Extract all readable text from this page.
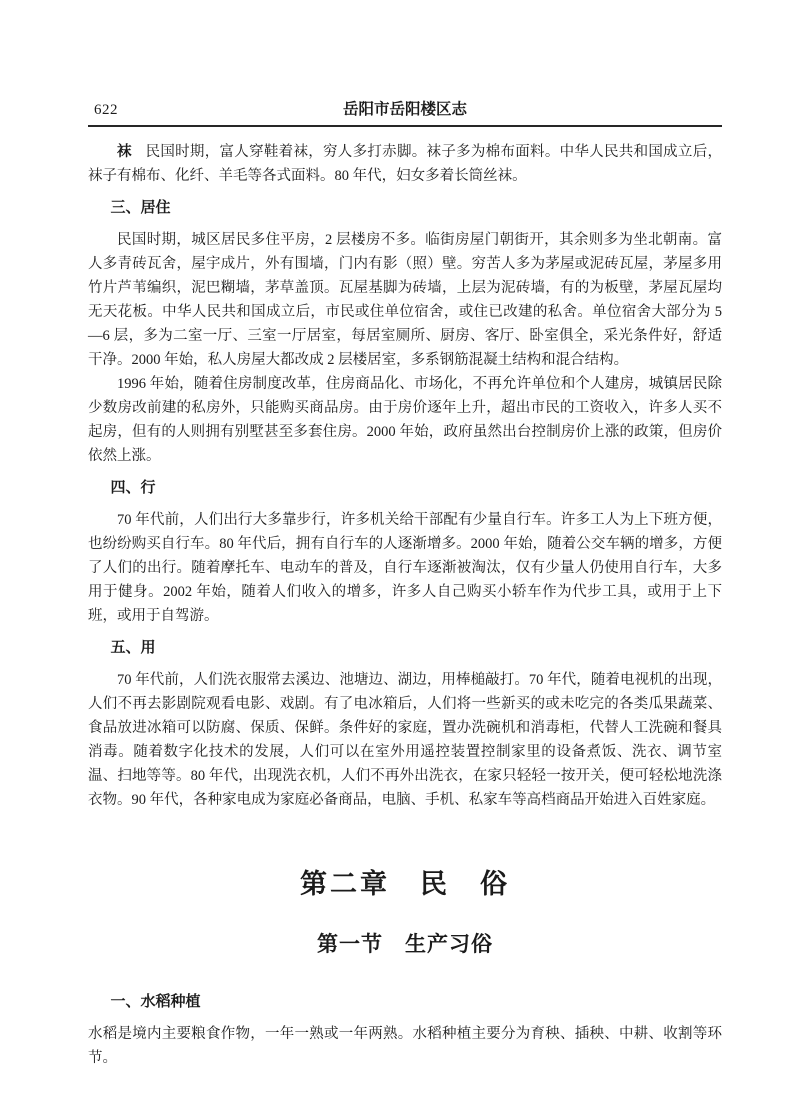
622	岳阳市岳阳楼区志

袜 民国时期，富人穿鞋着袜，穷人多打赤脚。袜子多为棉布面料。中华人民共和国成立后，袜子有棉布、化纤、羊毛等各式面料。80 年代，妇女多着长筒丝袜。

三、居住

民国时期，城区居民多住平房，2 层楼房不多。临街房屋门朝街开，其余则多为坐北朝南。富人多青砖瓦舍，屋宇成片，外有围墙，门内有影（照）壁。穷苦人多为茅屋或泥砖瓦屋，茅屋多用竹片芦苇编织，泥巴糊墙，茅草盖顶。瓦屋基脚为砖墙，上层为泥砖墙，有的为板壁，茅屋瓦屋均无天花板。中华人民共和国成立后，市民或住单位宿舍，或住已改建的私舍。单位宿舍大部分为 5—6 层，多为二室一厅、三室一厅居室，每居室厕所、厨房、客厅、卧室俱全，采光条件好，舒适干净。2000 年始，私人房屋大都改成 2 层楼居室，多系钢筋混凝土结构和混合结构。

1996 年始，随着住房制度改革，住房商品化、市场化，不再允许单位和个人建房，城镇居民除少数房改前建的私房外，只能购买商品房。由于房价逐年上升，超出市民的工资收入，许多人买不起房，但有的人则拥有别墅甚至多套住房。2000 年始，政府虽然出台控制房价上涨的政策，但房价依然上涨。

四、行

70 年代前，人们出行大多靠步行，许多机关给干部配有少量自行车。许多工人为上下班方便，也纷纷购买自行车。80 年代后，拥有自行车的人逐渐增多。2000 年始，随着公交车辆的增多，方便了人们的出行。随着摩托车、电动车的普及，自行车逐渐被淘汰，仅有少量人仍使用自行车，大多用于健身。2002 年始，随着人们收入的增多，许多人自己购买小轿车作为代步工具，或用于上下班，或用于自驾游。

五、用

70 年代前，人们洗衣服常去溪边、池塘边、湖边，用棒槌敲打。70 年代，随着电视机的出现，人们不再去影剧院观看电影、戏剧。有了电冰箱后，人们将一些新买的或未吃完的各类瓜果蔬菜、食品放进冰箱可以防腐、保质、保鲜。条件好的家庭，置办洗碗机和消毒柜，代替人工洗碗和餐具消毒。随着数字化技术的发展，人们可以在室外用遥控装置控制家里的设备煮饭、洗衣、调节室温、扫地等等。80 年代，出现洗衣机，人们不再外出洗衣，在家只轻轻一按开关，便可轻松地洗涤衣物。90 年代，各种家电成为家庭必备商品，电脑、手机、私家车等高档商品开始进入百姓家庭。

第二章　民　俗
第一节　生产习俗
一、水稻种植

水稻是境内主要粮食作物，一年一熟或一年两熟。水稻种植主要分为育秧、插秧、中耕、收割等环节。
